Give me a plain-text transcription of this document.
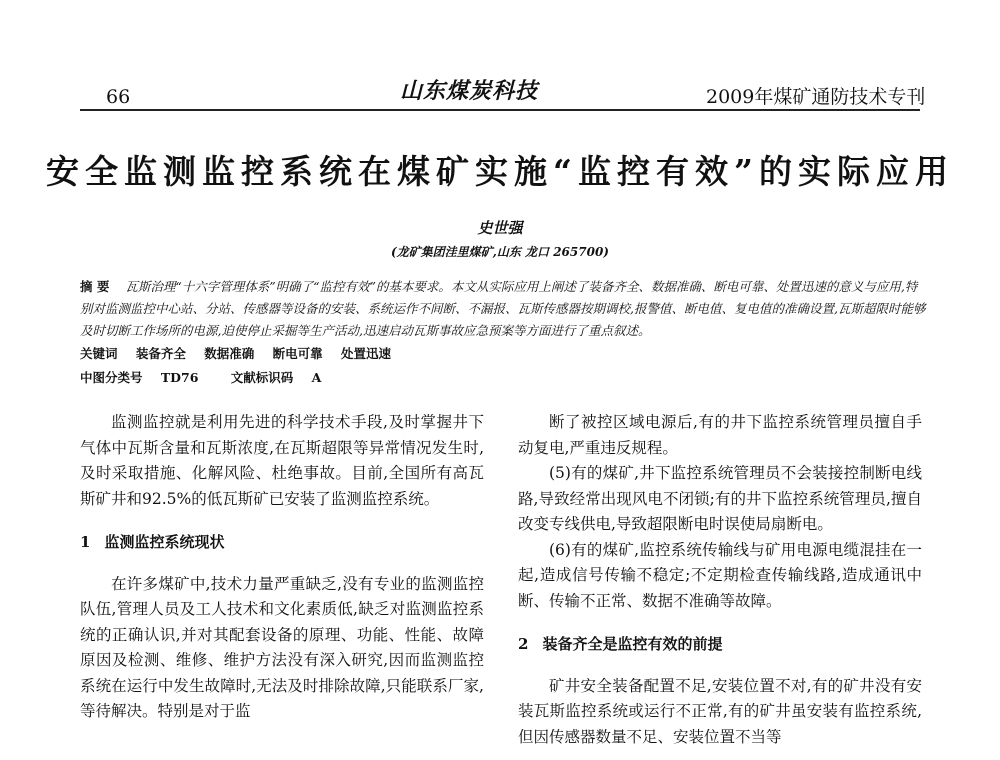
66	山东煤炭科技	2009年煤矿通防技术专刊
安全监测监控系统在煤矿实施“监控有效”的实际应用
史世强
(龙矿集团洼里煤矿,山东 龙口 265700)
摘 要 瓦斯治理“十六字管理体系”明确了“监控有效”的基本要求。本文从实际应用上阐述了装备齐全、数据准确、断电可靠、处置迅速的意义与应用,特别对监测监控中心站、分站、传感器等设备的安装、系统运作不间断、不漏报、瓦斯传感器按期调校,报警值、断电值、复电值的准确设置,瓦斯超限时能够及时切断工作场所的电源,迫使停止采掘等生产活动,迅速启动瓦斯事故应急预案等方面进行了重点叙述。
关键词 装备齐全 数据准确 断电可靠 处置迅速
中图分类号 TD76	文献标识码 A

监测监控就是利用先进的科学技术手段,及时掌握井下气体中瓦斯含量和瓦斯浓度,在瓦斯超限等异常情况发生时,及时采取措施、化解风险、杜绝事故。目前,全国所有高瓦斯矿井和92.5%的低瓦斯矿已安装了监测监控系统。

1 监测监控系统现状

在许多煤矿中,技术力量严重缺乏,没有专业的监测监控队伍,管理人员及工人技术和文化素质低,缺乏对监测监控系统的正确认识,并对其配套设备的原理、功能、性能、故障原因及检测、维修、维护方法没有深入研究,因而监测监控系统在运行中发生故障时,无法及时排除故障,只能联系厂家,等待解决。特别是对于监

断了被控区域电源后,有的井下监控系统管理员擅自手动复电,严重违反规程。

(5)有的煤矿,井下监控系统管理员不会装接控制断电线路,导致经常出现风电不闭锁;有的井下监控系统管理员,擅自改变专线供电,导致超限断电时误使局扇断电。

(6)有的煤矿,监控系统传输线与矿用电源电缆混挂在一起,造成信号传输不稳定;不定期检查传输线路,造成通讯中断、传输不正常、数据不准确等故障。

2 装备齐全是监控有效的前提

矿井安全装备配置不足,安装位置不对,有的矿井没有安装瓦斯监控系统或运行不正常,有的矿井虽安装有监控系统,但因传感器数量不足、安装位置不当等
